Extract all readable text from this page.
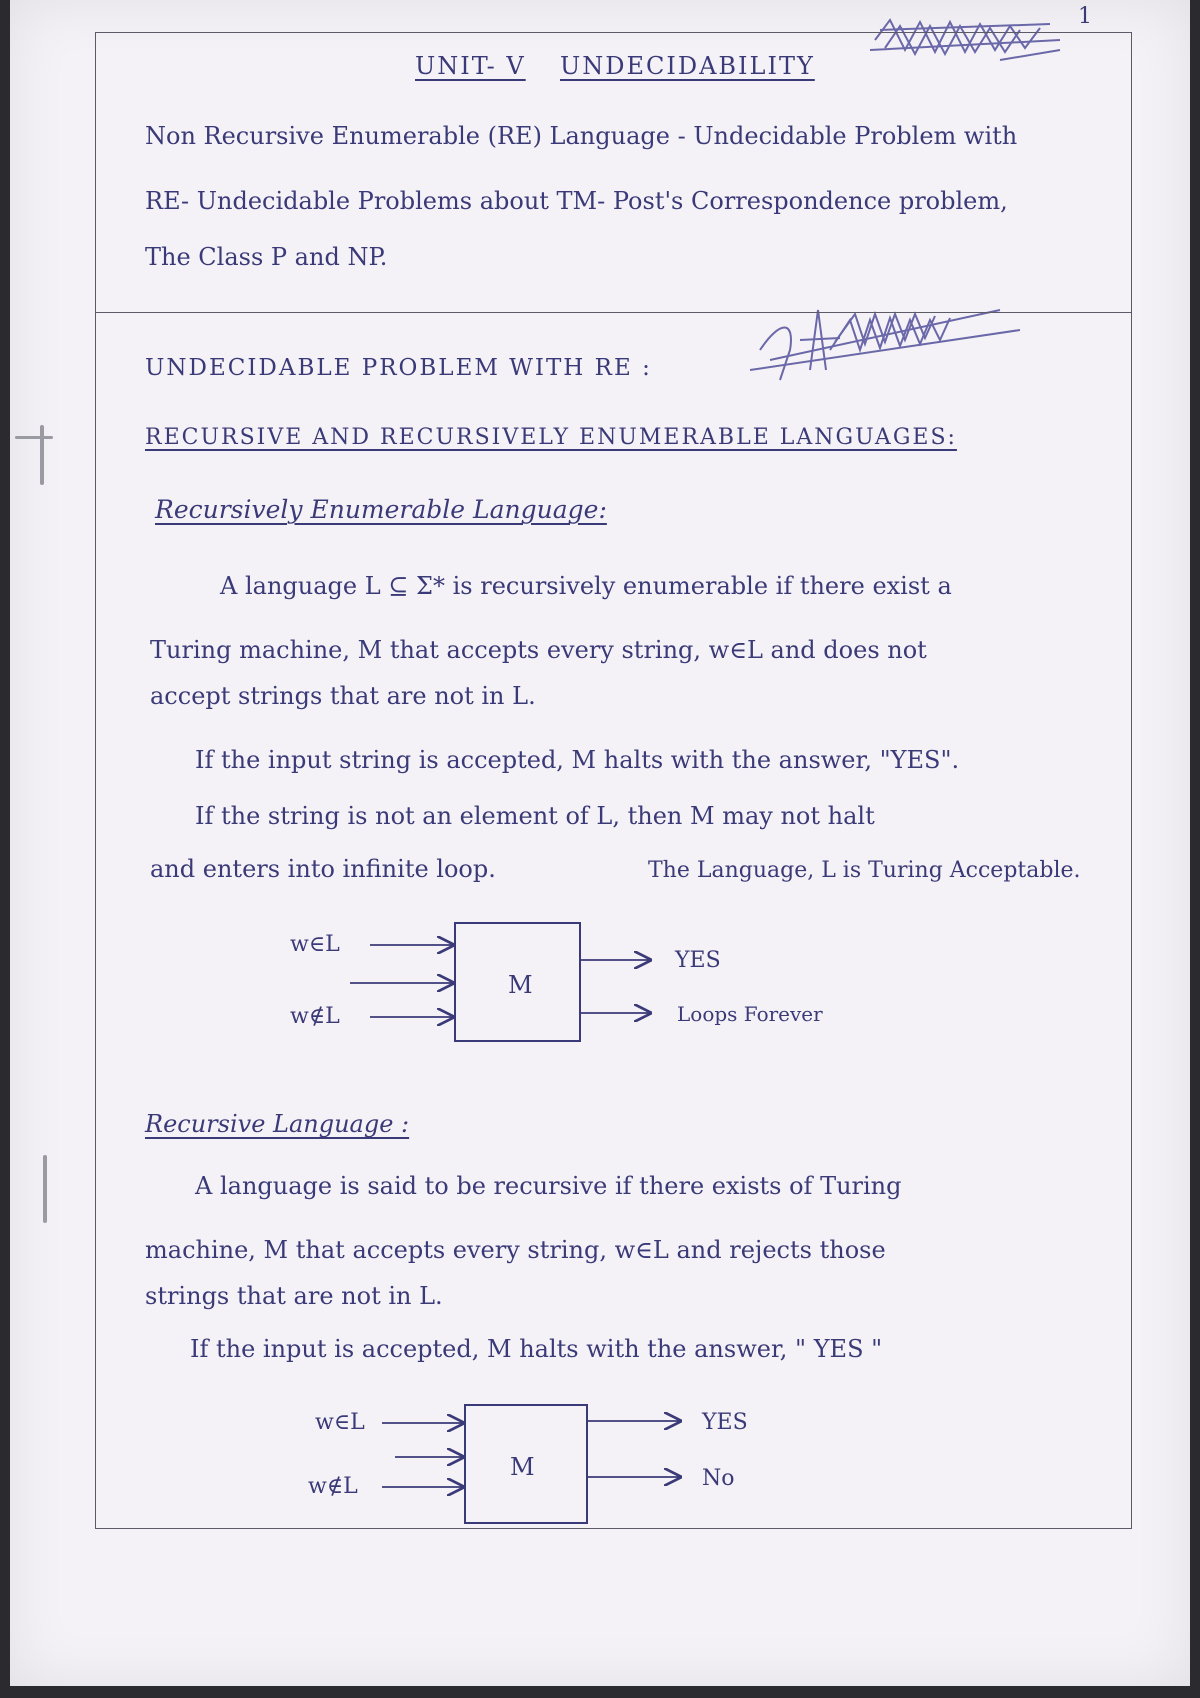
1
UNIT- V UNDECIDABILITY
Non Recursive Enumerable (RE) Language - Undecidable Problem with
RE- Undecidable Problems about TM- Post's Correspondence problem,
The Class P and NP.
UNDECIDABLE PROBLEM WITH RE :
RECURSIVE AND RECURSIVELY ENUMERABLE LANGUAGES:
Recursively Enumerable Language:
A language L ⊆ Σ* is recursively enumerable if there exist a
Turing machine, M that accepts every string, w∈L and does not
accept strings that are not in L.
If the input string is accepted, M halts with the answer, "YES".
If the string is not an element of L, then M may not halt
and enters into infinite loop.	The Language, L is Turing Acceptable.
M
w∈L
w∉L
YES
Loops Forever
Recursive Language :
A language is said to be recursive if there exists of Turing
machine, M that accepts every string, w∈L and rejects those
strings that are not in L.
If the input is accepted, M halts with the answer, " YES "
M
w∈L
w∉L
YES
No
